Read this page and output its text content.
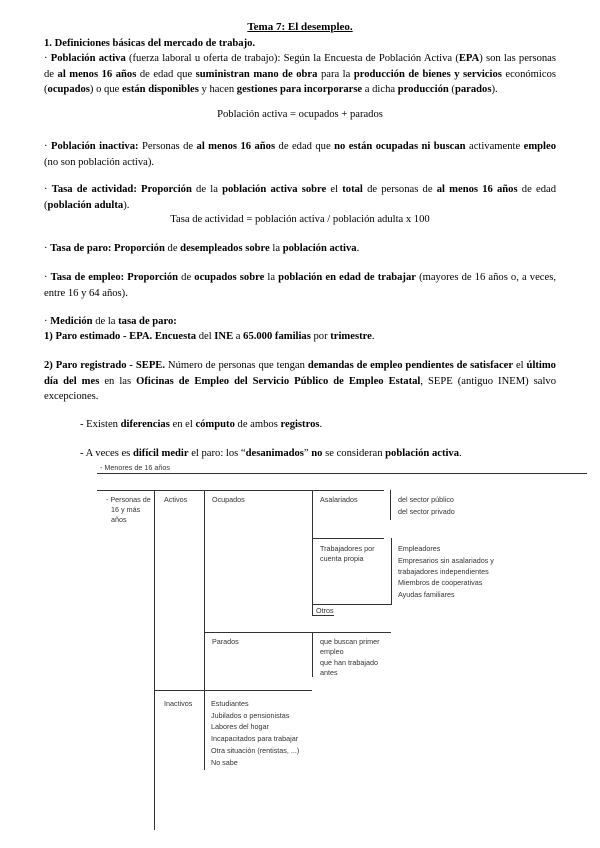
Tema 7: El desempleo.

1. Definiciones básicas del mercado de trabajo.

· Población activa (fuerza laboral u oferta de trabajo): Según la Encuesta de Población Activa (EPA) son las personas de al menos 16 años de edad que suministran mano de obra para la producción de bienes y servicios económicos (ocupados) o que están disponibles y hacen gestiones para incorporarse a dicha producción (parados).

Población activa = ocupados + parados

· Población inactiva: Personas de al menos 16 años de edad que no están ocupadas ni buscan activamente empleo (no son población activa).

· Tasa de actividad: Proporción de la población activa sobre el total de personas de al menos 16 años de edad (población adulta).

Tasa de actividad = población activa / población adulta x 100

· Tasa de paro: Proporción de desempleados sobre la población activa.

· Tasa de empleo: Proporción de ocupados sobre la población en edad de trabajar (mayores de 16 años o, a veces, entre 16 y 64 años).

· Medición de la tasa de paro:

1) Paro estimado - EPA. Encuesta del INE a 65.000 familias por trimestre.

2) Paro registrado - SEPE. Número de personas que tengan demandas de empleo pendientes de satisfacer el último día del mes en las Oficinas de Empleo del Servicio Público de Empleo Estatal, SEPE (antiguo INEM) salvo excepciones.

- Existen diferencias en el cómputo de ambos registros.
- A veces es difícil medir el paro: los “desanimados” no se consideran población activa.
- Menores de 16 años
- Personas de
16 y más
años
Activos	Ocupados	Asalariados	del sector público
del sector privado
Trabajadores por
cuenta propia
Empleadores
Empresarios sin asalariados y
trabajadores independientes
Miembros de cooperativas
Ayudas familiares
Otros
Parados	que buscan primer
empleo
que han trabajado
antes
Inactivos	Estudiantes
Jubilados o pensionistas
Labores del hogar
Incapacitados para trabajar
Otra situación (rentistas, ...)
No sabe
